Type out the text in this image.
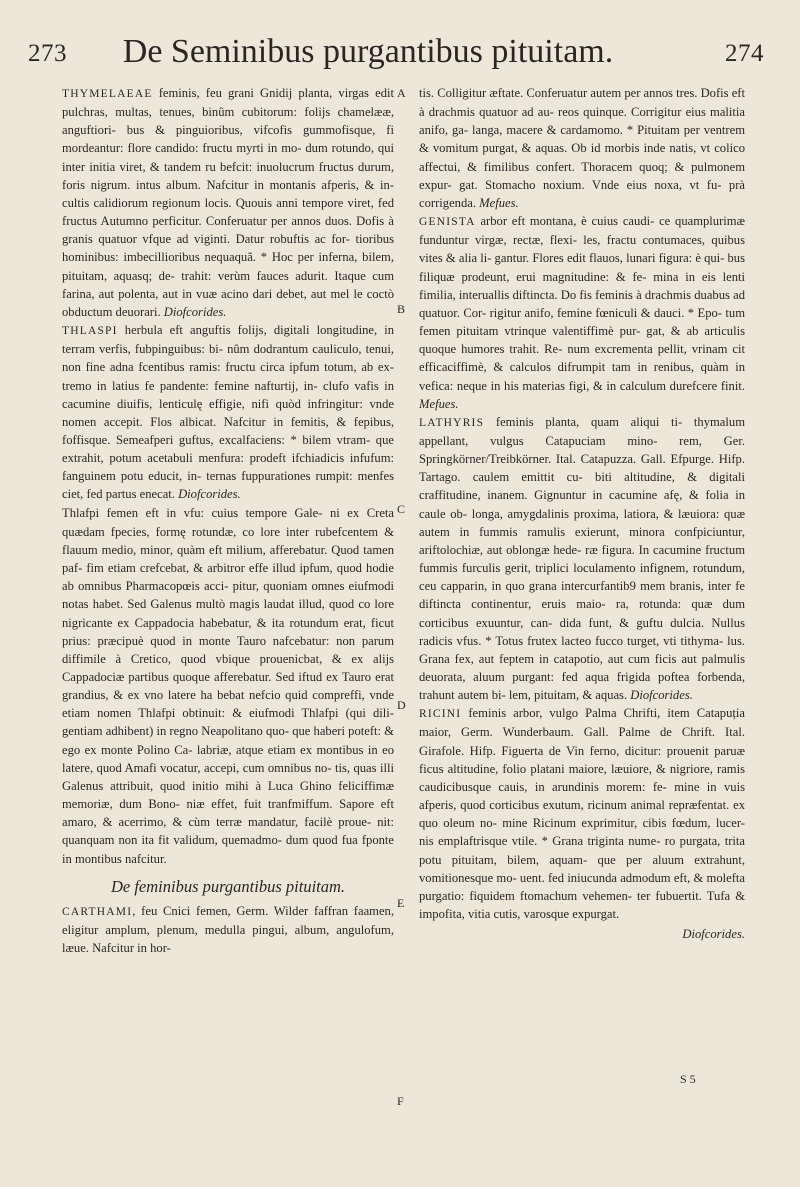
273	De Seminibus purgantibus pituitam.	274
A
B
C
D
E
F

THYMELAEAE feminis, feu grani Gnidij planta, virgas edit pulchras, multas, tenues, binûm cubitorum: folijs chamelææ, anguftiori- bus & pinguioribus, vifcofis gummofisque, fi mordeantur: flore candido: fructu myrti in mo- dum rotundo, qui inter initia viret, & tandem ru befcit: inuolucrum fructus durum, foris nigrum. intus album. Nafcitur in montanis afperis, & in- cultis calidiorum regionum locis. Quouis anni tempore viret, fed fructus Autumno perficitur. Conferuatur per annos duos. Dofis à granis quatuor vfque ad viginti. Datur robuftis ac for- tioribus hominibus: imbecillioribus nequaquã. * Hoc per inferna, bilem, pituitam, aquasq; de- trahit: verùm fauces adurit. Itaque cum farina, aut polenta, aut in vuæ acino dari debet, aut mel le coctò obductum deuorari. Diofcorides.

THLASPI herbula eft anguftis folijs, digitali longitudine, in terram verfis, fubpinguibus: bi- nûm dodrantum cauliculo, tenui, non fine adna fcentibus ramis: fructu circa ipfum totum, ab ex- tremo in latius fe pandente: femine nafturtij, in- clufo vafis in cacumine diuifis, lenticulę effigie, nifi quòd infringitur: vnde nomen accepit. Flos albicat. Nafcitur in femitis, & fepibus, foffisque. Semeafperi guftus, excalfaciens: * bilem vtram- que extrahit, potum acetabuli menfura: prodeft ifchiadicis infufum: fanguinem potu educit, in- ternas fuppurationes rumpit: menfes ciet, fed partus enecat. Diofcorides.

Thlafpi femen eft in vfu: cuius tempore Gale- ni ex Creta quædam fpecies, formę rotundæ, co lore inter rubefcentem & flauum medio, minor, quàm eft milium, afferebatur. Quod tamen paf- fim etiam crefcebat, & arbitror effe illud ipfum, quod hodie ab omnibus Pharmacopœis acci- pitur, quoniam omnes eiufmodi notas habet. Sed Galenus multò magis laudat illud, quod co lore nigricante ex Cappadocia habebatur, & ita rotundum erat, ficut prius: præcipuè quod in monte Tauro nafcebatur: non parum diffimile à Cretico, quod vbique prouenicbat, & ex alijs Cappadociæ partibus quoque afferebatur. Sed iftud ex Tauro erat grandius, & ex vno latere ha bebat nefcio quid compreffi, vnde etiam nomen Thlafpi obtinuit: & eiufmodi Thlafpi (qui dili- gentiam adhibent) in regno Neapolitano quo- que haberi poteft: & ego ex monte Polino Ca- labriæ, atque etiam ex montibus in eo latere, quod Amafi vocatur, accepi, cum omnibus no- tis, quas illi Galenus attribuit, quod initio mihi à Luca Ghino feliciffimæ memoriæ, dum Bono- niæ effet, fuit tranfmiffum. Sapore eft amaro, & acerrimo, & cùm terræ mandatur, facilè proue- nit: quanquam non ita fit validum, quemadmo- dum quod fua fponte in montibus nafcitur.

De feminibus purgantibus pituitam.

CARTHAMI, feu Cnici femen, Germ. Wilder faffran faamen, eligitur amplum, plenum, medulla pingui, album, angulofum, læue. Nafcitur in hor-

tis. Colligitur æftate. Conferuatur autem per annos tres. Dofis eft à drachmis quatuor ad au- reos quinque. Corrigitur eius malitia anifo, ga- langa, macere & cardamomo. * Pituitam per ventrem & vomitum purgat, & aquas. Ob id morbis inde natis, vt colico affectui, & fimilibus confert. Thoracem quoq; & pulmonem expur- gat. Stomacho noxium. Vnde eius noxa, vt fu- prà corrigenda. Mefues.

GENISTA arbor eft montana, è cuius caudi- ce quamplurimæ funduntur virgæ, rectæ, flexi- les, fractu contumaces, quibus vites & alia li- gantur. Flores edit flauos, lunari figura: è qui- bus filiquæ prodeunt, erui magnitudine: & fe- mina in eis lenti fimilia, interuallis diftincta. Do fis feminis à drachmis duabus ad quatuor. Cor- rigitur anifo, femine fœniculi & dauci. * Epo- tum femen pituitam vtrinque valentiffimè pur- gat, & ab articulis quoque humores trahit. Re- num excrementa pellit, vrinam cit efficaciffimè, & calculos difrumpit tam in renibus, quàm in vefica: neque in his materias figi, & in calculum durefcere finit. Mefues.

LATHYRIS feminis planta, quam aliqui ti- thymalum appellant, vulgus Catapuciam mino- rem, Ger. Springkörner/Treibkörner. Ital. Catapuzza. Gall. Efpurge. Hifp. Tartago. caulem emittit cu- biti altitudine, & digitali craffitudine, inanem. Gignuntur in cacumine afę, & folia in caule ob- longa, amygdalinis proxima, latiora, & læuiora: quæ autem in fummis ramulis exierunt, minora confpiciuntur, ariftolochiæ, aut oblongæ hede- ræ figura. In cacumine fructum fummis furculis gerit, triplici loculamento infignem, rotundum, ceu capparin, in quo grana intercurfantib9 mem branis, inter fe diftincta continentur, eruis maio- ra, rotunda: quæ dum corticibus exuuntur, can- dida funt, & guftu dulcia. Nullus radicis vfus. * Totus frutex lacteo fucco turget, vti tithyma- lus. Grana fex, aut feptem in catapotio, aut cum ficis aut palmulis deuorata, aluum purgant: fed aqua frigida poftea forbenda, trahunt autem bi- lem, pituitam, & aquas. Diofcorides.

RICINI feminis arbor, vulgo Palma Chrifti, item Catapuția maior, Germ. Wunderbaum. Gall. Palme de Chrift. Ital. Girafole. Hifp. Figuerta de Vin ferno, dicitur: prouenit paruæ ficus altitudine, folio platani maiore, læuiore, & nigriore, ramis caudicibusque cauis, in arundinis morem: fe- mine in vuis afperis, quod corticibus exutum, ricinum animal repræfentat. ex quo oleum no- mine Ricinum exprimitur, cibis fœdum, lucer- nis emplaftrisque vtile. * Grana triginta nume- ro purgata, trita potu pituitam, bilem, aquam- que per aluum extrahunt, vomitionesque mo- uent. fed iniucunda admodum eft, & molefta purgatio: fiquidem ftomachum vehemen- ter fubuertit. Tufa & impofita, vitia cutis, varosque expurgat.

Diofcorides.
S 5
